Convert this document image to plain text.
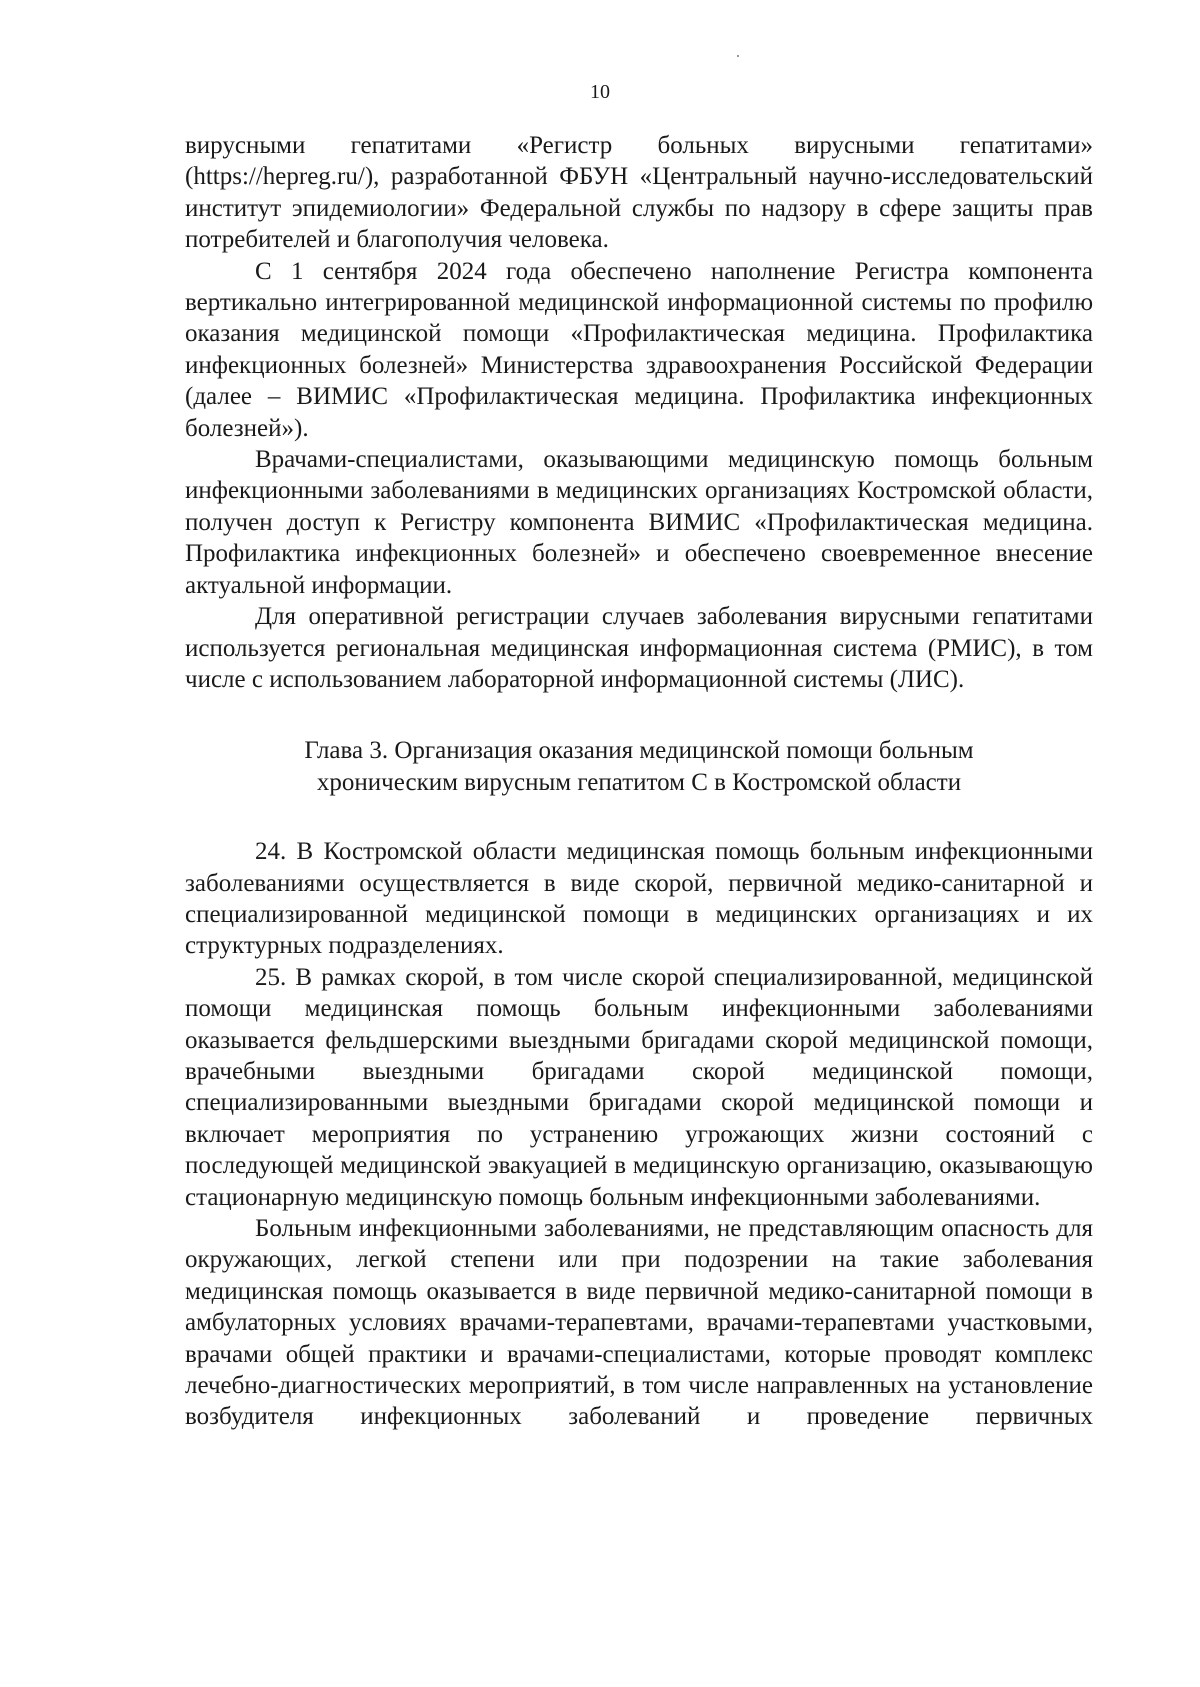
10

вирусными гепатитами «Регистр больных вирусными гепатитами» (https://hepreg.ru/), разработанной ФБУН «Центральный научно-исследовательский институт эпидемиологии» Федеральной службы по надзору в сфере защиты прав потребителей и благополучия человека.

С 1 сентября 2024 года обеспечено наполнение Регистра компонента вертикально интегрированной медицинской информационной системы по профилю оказания медицинской помощи «Профилактическая медицина. Профилактика инфекционных болезней» Министерства здравоохранения Российской Федерации (далее – ВИМИС «Профилактическая медицина. Профилактика инфекционных болезней»).

Врачами-специалистами, оказывающими медицинскую помощь больным инфекционными заболеваниями в медицинских организациях Костромской области, получен доступ к Регистру компонента ВИМИС «Профилактическая медицина. Профилактика инфекционных болезней» и обеспечено своевременное внесение актуальной информации.

Для оперативной регистрации случаев заболевания вирусными гепатитами используется региональная медицинская информационная система (РМИС), в том числе с использованием лабораторной информационной системы (ЛИС).

Глава 3. Организация оказания медицинской помощи больным
хроническим вирусным гепатитом С в Костромской области

24. В Костромской области медицинская помощь больным инфекционными заболеваниями осуществляется в виде скорой, первичной медико-санитарной и специализированной медицинской помощи в медицинских организациях и их структурных подразделениях.

25. В рамках скорой, в том числе скорой специализированной, медицинской помощи медицинская помощь больным инфекционными заболеваниями оказывается фельдшерскими выездными бригадами скорой медицинской помощи, врачебными выездными бригадами скорой медицинской помощи, специализированными выездными бригадами скорой медицинской помощи и включает мероприятия по устранению угрожающих жизни состояний с последующей медицинской эвакуацией в медицинскую организацию, оказывающую стационарную медицинскую помощь больным инфекционными заболеваниями.

Больным инфекционными заболеваниями, не представляющим опасность для окружающих, легкой степени или при подозрении на такие заболевания медицинская помощь оказывается в виде первичной медико-санитарной помощи в амбулаторных условиях врачами-терапевтами, врачами-терапевтами участковыми, врачами общей практики и врачами-специалистами, которые проводят комплекс лечебно-диагностических мероприятий, в том числе направленных на установление возбудителя инфекционных заболеваний и проведение первичных
